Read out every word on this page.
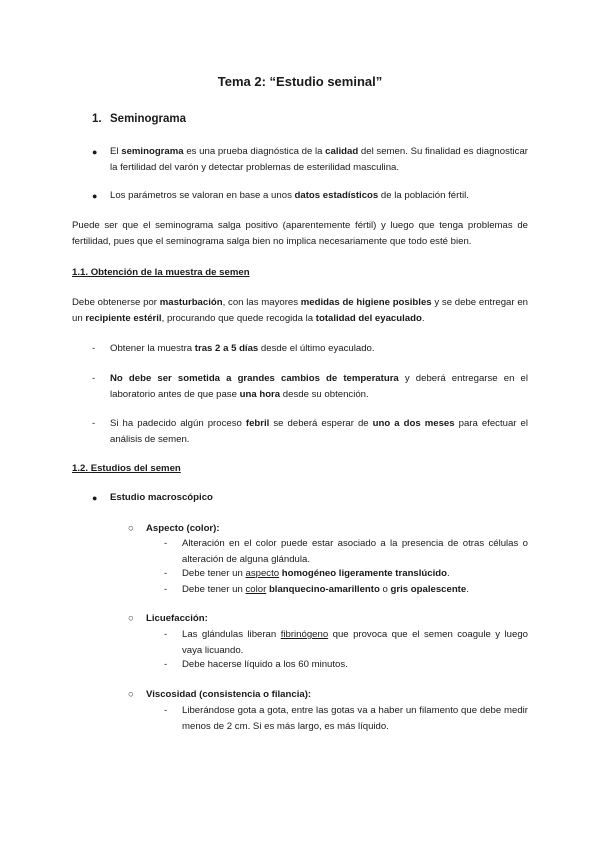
Tema 2: “Estudio seminal”
1. Seminograma
● El seminograma es una prueba diagnóstica de la calidad del semen. Su finalidad es diagnosticar la fertilidad del varón y detectar problemas de esterilidad masculina.

● Los parámetros se valoran en base a unos datos estadísticos de la población fértil.

Puede ser que el seminograma salga positivo (aparentemente fértil) y luego que tenga problemas de fertilidad, pues que el seminograma salga bien no implica necesariamente que todo esté bien.

1.1. Obtención de la muestra de semen

Debe obtenerse por masturbación, con las mayores medidas de higiene posibles y se debe entregar en un recipiente estéril, procurando que quede recogida la totalidad del eyaculado.

- Obtener la muestra tras 2 a 5 días desde el último eyaculado.

- No debe ser sometida a grandes cambios de temperatura y deberá entregarse en el laboratorio antes de que pase una hora desde su obtención.

- Si ha padecido algún proceso febril se deberá esperar de uno a dos meses para efectuar el análisis de semen.

1.2. Estudios del semen
● Estudio macroscópico
○ Aspecto (color):
- Alteración en el color puede estar asociado a la presencia de otras células o alteración de alguna glándula.

- Debe tener un aspecto homogéneo ligeramente translúcido.

- Debe tener un color blanquecino-amarillento o gris opalescente.

○ Licuefacción:
- Las glándulas liberan fibrinógeno que provoca que el semen coagule y luego vaya licuando.

- Debe hacerse líquido a los 60 minutos.

○ Viscosidad (consistencia o filancia):
- Liberándose gota a gota, entre las gotas va a haber un filamento que debe medir menos de 2 cm. Si es más largo, es más líquido.
